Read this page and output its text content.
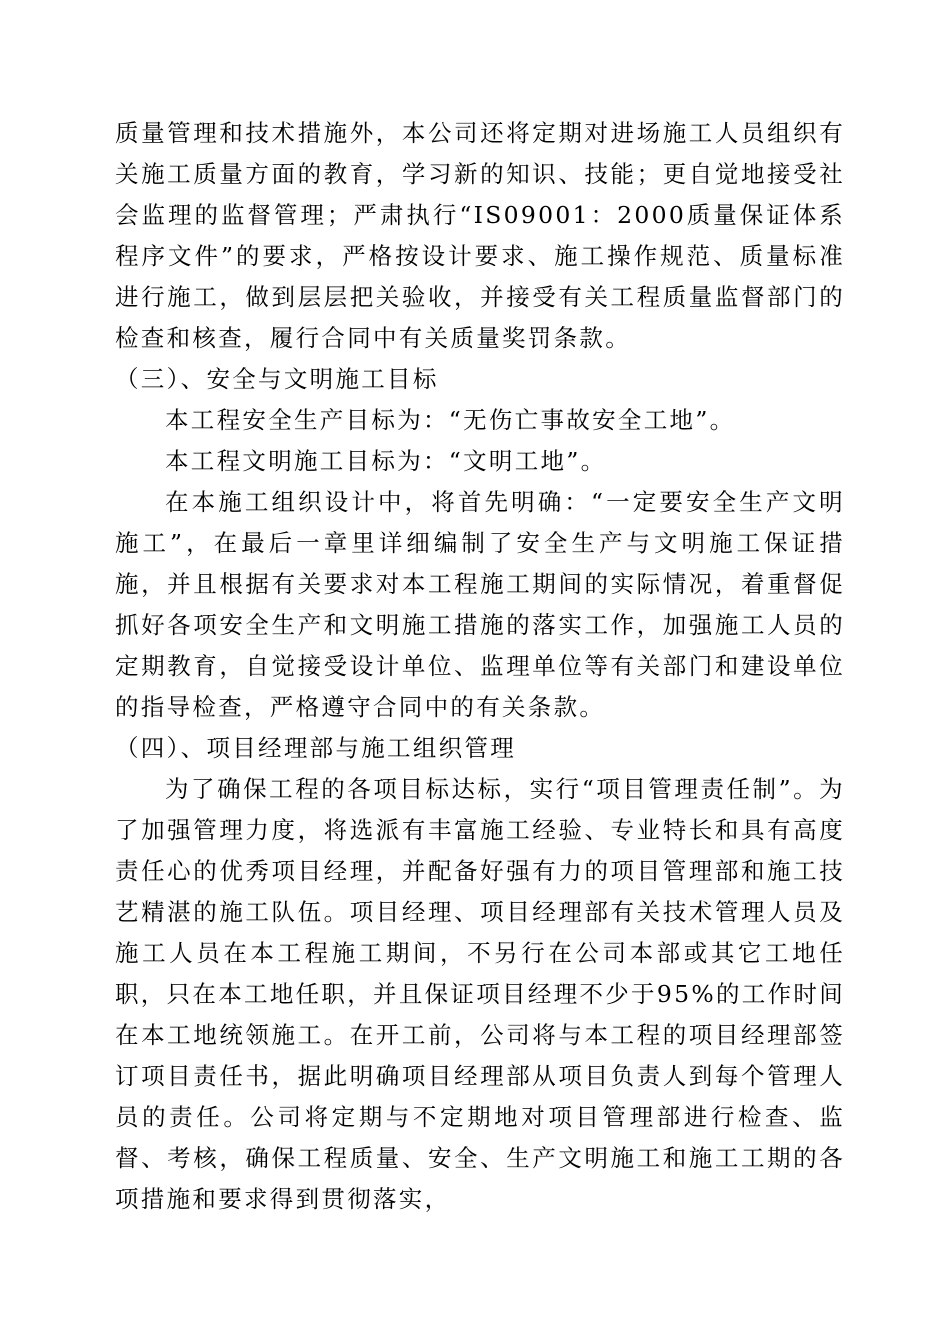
质量管理和技术措施外，本公司还将定期对进场施工人员组织有关施工质量方面的教育，学习新的知识、技能；更自觉地接受社会监理的监督管理；严肃执行“IS09001：2000质量保证体系程序文件”的要求，严格按设计要求、施工操作规范、质量标准进行施工，做到层层把关验收，并接受有关工程质量监督部门的检查和核查，履行合同中有关质量奖罚条款。

（三）、安全与文明施工目标

本工程安全生产目标为：“无伤亡事故安全工地”。

本工程文明施工目标为：“文明工地”。

在本施工组织设计中，将首先明确：“一定要安全生产文明施工”，在最后一章里详细编制了安全生产与文明施工保证措施，并且根据有关要求对本工程施工期间的实际情况，着重督促抓好各项安全生产和文明施工措施的落实工作，加强施工人员的定期教育，自觉接受设计单位、监理单位等有关部门和建设单位的指导检查，严格遵守合同中的有关条款。

（四）、项目经理部与施工组织管理

为了确保工程的各项目标达标，实行“项目管理责任制”。为了加强管理力度，将选派有丰富施工经验、专业特长和具有高度责任心的优秀项目经理，并配备好强有力的项目管理部和施工技艺精湛的施工队伍。项目经理、项目经理部有关技术管理人员及施工人员在本工程施工期间，不另行在公司本部或其它工地任职，只在本工地任职，并且保证项目经理不少于95%的工作时间在本工地统领施工。在开工前，公司将与本工程的项目经理部签订项目责任书，据此明确项目经理部从项目负责人到每个管理人员的责任。公司将定期与不定期地对项目管理部进行检查、监督、考核，确保工程质量、安全、生产文明施工和施工工期的各项措施和要求得到贯彻落实，
